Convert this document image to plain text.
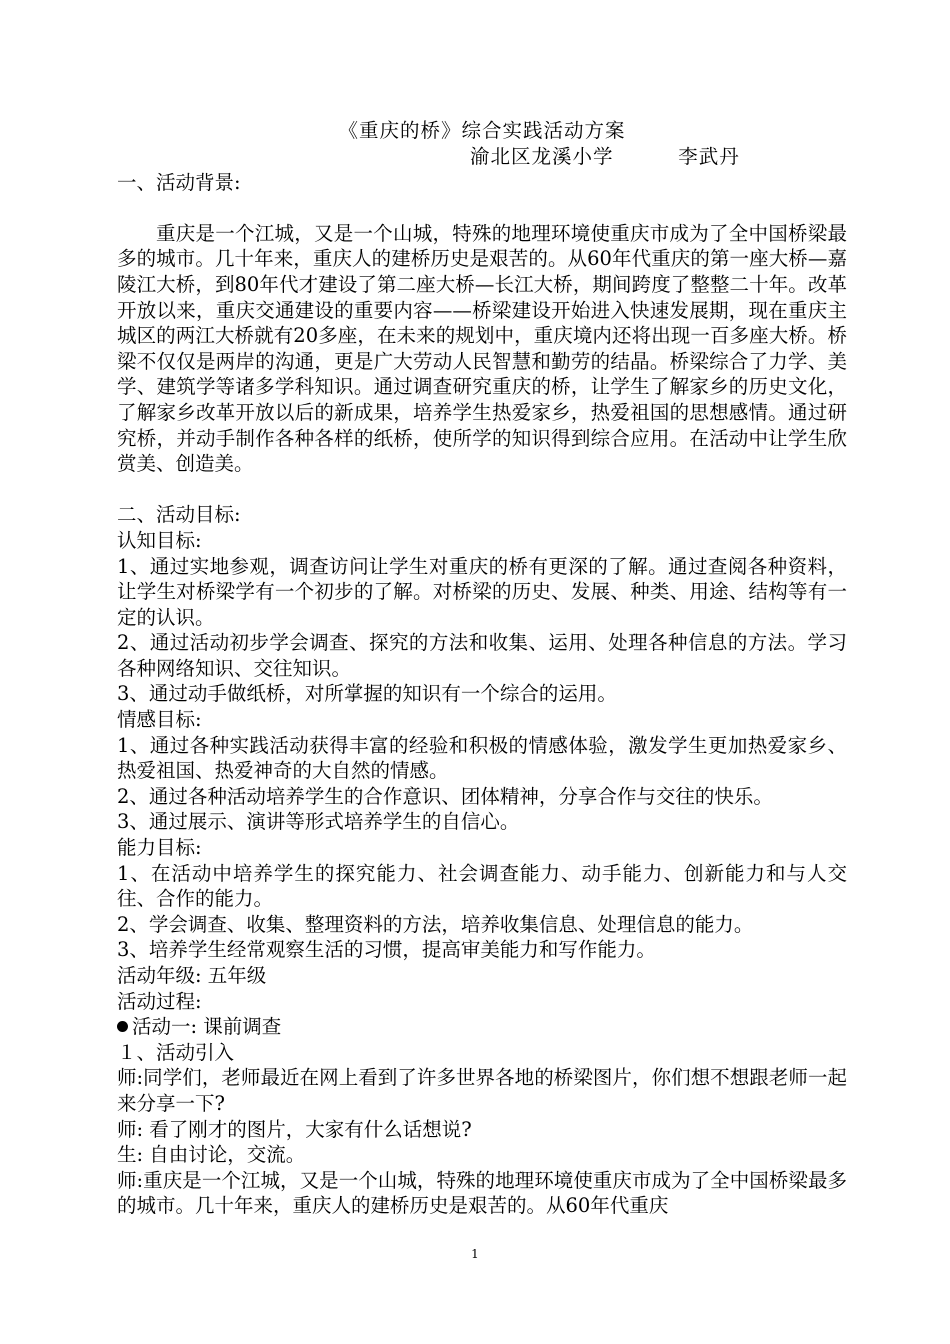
《重庆的桥》综合实践活动方案

渝北区龙溪小学         李武丹

一、活动背景:

重庆是一个江城，又是一个山城，特殊的地理环境使重庆市成为了全中国桥梁最多的城市。几十年来，重庆人的建桥历史是艰苦的。从60年代重庆的第一座大桥—嘉陵江大桥，到80年代才建设了第二座大桥—长江大桥，期间跨度了整整二十年。改革开放以来，重庆交通建设的重要内容——桥梁建设开始进入快速发展期，现在重庆主城区的两江大桥就有20多座，在未来的规划中，重庆境内还将出现一百多座大桥。桥梁不仅仅是两岸的沟通，更是广大劳动人民智慧和勤劳的结晶。桥梁综合了力学、美学、建筑学等诸多学科知识。通过调查研究重庆的桥，让学生了解家乡的历史文化，了解家乡改革开放以后的新成果，培养学生热爱家乡，热爱祖国的思想感情。通过研究桥，并动手制作各种各样的纸桥，使所学的知识得到综合应用。在活动中让学生欣赏美、创造美。

二、活动目标:

认知目标:

1、通过实地参观，调查访问让学生对重庆的桥有更深的了解。通过查阅各种资料，让学生对桥梁学有一个初步的了解。对桥梁的历史、发展、种类、用途、结构等有一定的认识。

2、通过活动初步学会调查、探究的方法和收集、运用、处理各种信息的方法。学习各种网络知识、交往知识。

3、通过动手做纸桥，对所掌握的知识有一个综合的运用。

情感目标:

1、通过各种实践活动获得丰富的经验和积极的情感体验，激发学生更加热爱家乡、热爱祖国、热爱神奇的大自然的情感。

2、通过各种活动培养学生的合作意识、团体精神，分享合作与交往的快乐。

3、通过展示、演讲等形式培养学生的自信心。

能力目标:

1、在活动中培养学生的探究能力、社会调查能力、动手能力、创新能力和与人交往、合作的能力。

2、学会调查、收集、整理资料的方法，培养收集信息、处理信息的能力。

3、培养学生经常观察生活的习惯，提高审美能力和写作能力。

活动年级: 五年级

活动过程:

活动一: 课前调查

１、活动引入

师:同学们，老师最近在网上看到了许多世界各地的桥梁图片，你们想不想跟老师一起来分享一下?

师: 看了刚才的图片，大家有什么话想说?

生: 自由讨论，交流。

师:重庆是一个江城，又是一个山城，特殊的地理环境使重庆市成为了全中国桥梁最多的城市。几十年来，重庆人的建桥历史是艰苦的。从60年代重庆

1
